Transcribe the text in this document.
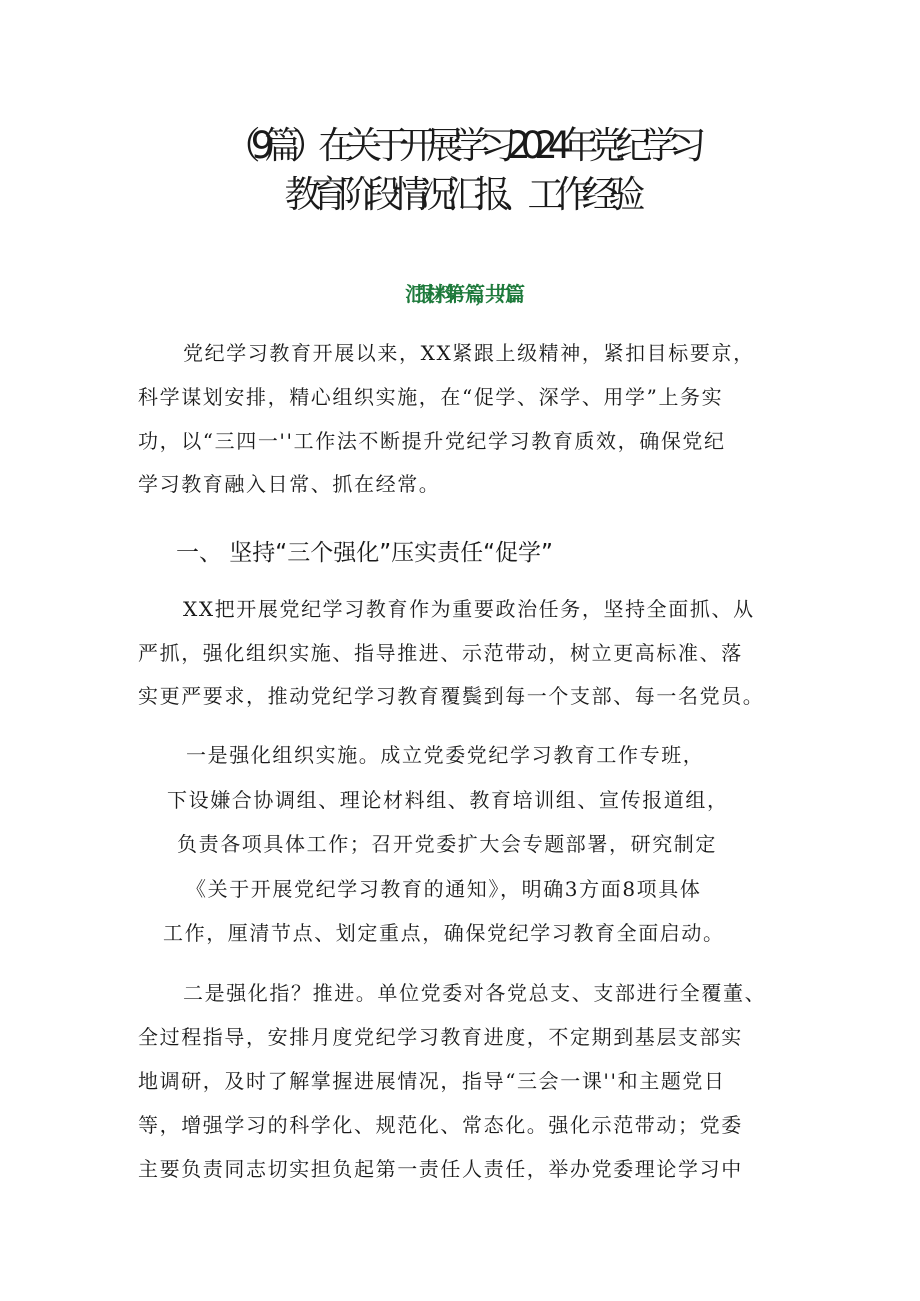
（9篇）在关于开展学习2024年党纪学习
教育阶段情况汇报、工作经验
汇报材料第一篇，共九篇
党纪学习教育开展以来，XX紧跟上级精神，紧扣目标要京，
科学谋划安排，精心组织实施，在“促学、深学、用学”上务实
功，以“三四一''工作法不断提升党纪学习教育质效，确保党纪
学习教育融入日常、抓在经常。
一、 坚持“三个强化”压实责任“促学”
XX把开展党纪学习教育作为重要政治任务，坚持全面抓、从
严抓，强化组织实施、指导推进、示范带动，树立更高标准、落
实更严要求，推动党纪学习教育覆鬓到每一个支部、每一名党员。
一是强化组织实施。成立党委党纪学习教育工作专班，
下设嫌合协调组、理论材料组、教育培训组、宣传报道组，
负责各项具体工作；召开党委扩大会专题部署，研究制定
《关于开展党纪学习教育的通知》，明确3方面8项具体
工作，厘清节点、划定重点，确保党纪学习教育全面启动。
二是强化指？推进。单位党委对各党总支、支部进行全覆董、
全过程指导，安排月度党纪学习教育进度，不定期到基层支部实
地调研，及时了解掌握进展情况，指导“三会一课''和主题党日
等，增强学习的科学化、规范化、常态化。强化示范带动；党委
主要负责同志切实担负起第一责任人责任，举办党委理论学习中
